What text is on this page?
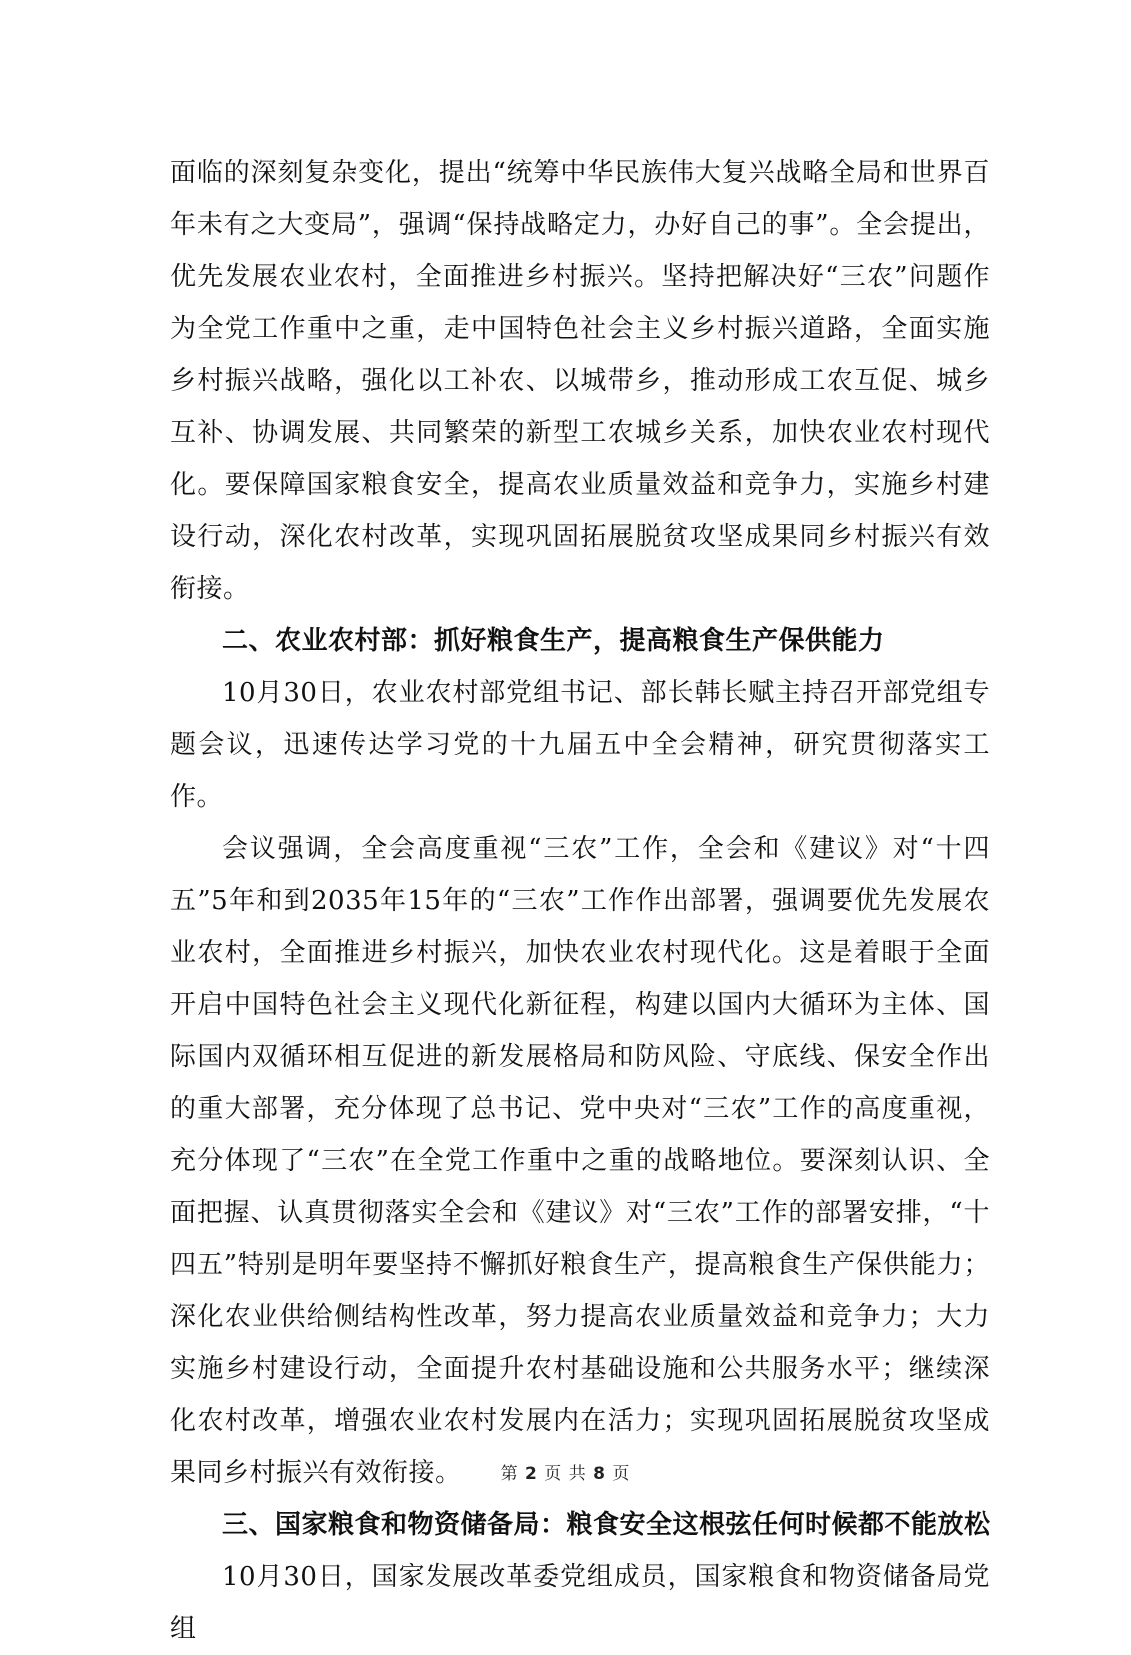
面临的深刻复杂变化，提出“统筹中华民族伟大复兴战略全局和世界百年未有之大变局”，强调“保持战略定力，办好自己的事”。全会提出，优先发展农业农村，全面推进乡村振兴。坚持把解决好“三农”问题作为全党工作重中之重，走中国特色社会主义乡村振兴道路，全面实施乡村振兴战略，强化以工补农、以城带乡，推动形成工农互促、城乡互补、协调发展、共同繁荣的新型工农城乡关系，加快农业农村现代化。要保障国家粮食安全，提高农业质量效益和竞争力，实施乡村建设行动，深化农村改革，实现巩固拓展脱贫攻坚成果同乡村振兴有效衔接。

二、农业农村部：抓好粮食生产，提高粮食生产保供能力

10月30日，农业农村部党组书记、部长韩长赋主持召开部党组专题会议，迅速传达学习党的十九届五中全会精神，研究贯彻落实工作。

会议强调，全会高度重视“三农”工作，全会和《建议》对“十四五”5年和到2035年15年的“三农”工作作出部署，强调要优先发展农业农村，全面推进乡村振兴，加快农业农村现代化。这是着眼于全面开启中国特色社会主义现代化新征程，构建以国内大循环为主体、国际国内双循环相互促进的新发展格局和防风险、守底线、保安全作出的重大部署，充分体现了总书记、党中央对“三农”工作的高度重视，充分体现了“三农”在全党工作重中之重的战略地位。要深刻认识、全面把握、认真贯彻落实全会和《建议》对“三农”工作的部署安排，“十四五”特别是明年要坚持不懈抓好粮食生产，提高粮食生产保供能力；深化农业供给侧结构性改革，努力提高农业质量效益和竞争力；大力实施乡村建设行动，全面提升农村基础设施和公共服务水平；继续深化农村改革，增强农业农村发展内在活力；实现巩固拓展脱贫攻坚成果同乡村振兴有效衔接。

三、国家粮食和物资储备局：粮食安全这根弦任何时候都不能放松

10月30日，国家发展改革委党组成员，国家粮食和物资储备局党组

第 2 页 共 8 页
